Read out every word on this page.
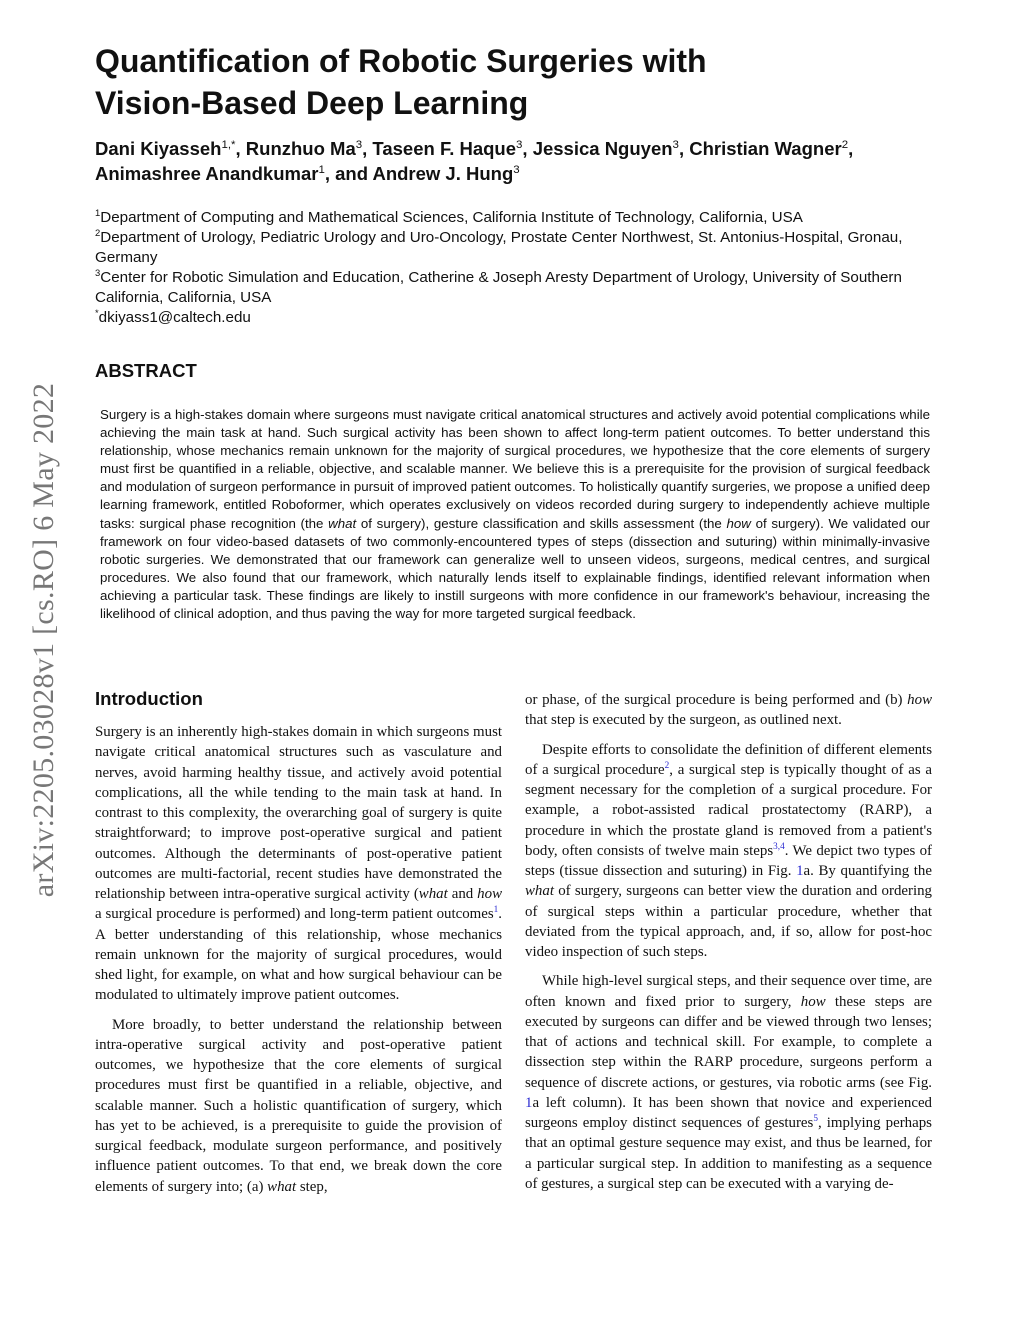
arXiv:2205.03028v1 [cs.RO] 6 May 2022
Quantification of Robotic Surgeries with
Vision-Based Deep Learning

Dani Kiyasseh$^{1,*}$, Runzhuo Ma$^3$, Taseen F. Haque$^3$, Jessica Nguyen$^3$, Christian Wagner$^2$,
Animashree Anandkumar$^1$, and Andrew J. Hung$^3$

$^1$Department of Computing and Mathematical Sciences, California Institute of Technology, California, USA
$^2$Department of Urology, Pediatric Urology and Uro-Oncology, Prostate Center Northwest, St. Antonius-Hospital, Gronau, Germany
$^3$Center for Robotic Simulation and Education, Catherine & Joseph Aresty Department of Urology, University of Southern California, California, USA
*dkiyass1@caltech.edu
ABSTRACT

Surgery is a high-stakes domain where surgeons must navigate critical anatomical structures and actively avoid potential complications while achieving the main task at hand. Such surgical activity has been shown to affect long-term patient outcomes. To better understand this relationship, whose mechanics remain unknown for the majority of surgical procedures, we hypothesize that the core elements of surgery must first be quantified in a reliable, objective, and scalable manner. We believe this is a prerequisite for the provision of surgical feedback and modulation of surgeon performance in pursuit of improved patient outcomes. To holistically quantify surgeries, we propose a unified deep learning framework, entitled Roboformer, which operates exclusively on videos recorded during surgery to independently achieve multiple tasks: surgical phase recognition (the what of surgery), gesture classification and skills assessment (the how of surgery). We validated our framework on four video-based datasets of two commonly-encountered types of steps (dissection and suturing) within minimally-invasive robotic surgeries. We demonstrated that our framework can generalize well to unseen videos, surgeons, medical centres, and surgical procedures. We also found that our framework, which naturally lends itself to explainable findings, identified relevant information when achieving a particular task. These findings are likely to instill surgeons with more confidence in our framework's behaviour, increasing the likelihood of clinical adoption, and thus paving the way for more targeted surgical feedback.

Introduction

Surgery is an inherently high-stakes domain in which surgeons must navigate critical anatomical structures such as vasculature and nerves, avoid harming healthy tissue, and actively avoid potential complications, all the while tending to the main task at hand. In contrast to this complexity, the overarching goal of surgery is quite straightforward; to improve post-operative surgical and patient outcomes. Although the determinants of post-operative patient outcomes are multi-factorial, recent studies have demonstrated the relationship between intra-operative surgical activity (what and how a surgical procedure is performed) and long-term patient outcomes$^1$. A better understanding of this relationship, whose mechanics remain unknown for the majority of surgical procedures, would shed light, for example, on what and how surgical behaviour can be modulated to ultimately improve patient outcomes.

More broadly, to better understand the relationship between intra-operative surgical activity and post-operative patient outcomes, we hypothesize that the core elements of surgical procedures must first be quantified in a reliable, objective, and scalable manner. Such a holistic quantification of surgery, which has yet to be achieved, is a prerequisite to guide the provision of surgical feedback, modulate surgeon performance, and positively influence patient outcomes. To that end, we break down the core elements of surgery into; (a) what step,

or phase, of the surgical procedure is being performed and (b) how that step is executed by the surgeon, as outlined next.

Despite efforts to consolidate the definition of different elements of a surgical procedure$^2$, a surgical step is typically thought of as a segment necessary for the completion of a surgical procedure. For example, a robot-assisted radical prostatectomy (RARP), a procedure in which the prostate gland is removed from a patient's body, often consists of twelve main steps$^{3,4}$. We depict two types of steps (tissue dissection and suturing) in Fig. 1a. By quantifying the what of surgery, surgeons can better view the duration and ordering of surgical steps within a particular procedure, whether that deviated from the typical approach, and, if so, allow for post-hoc video inspection of such steps.

While high-level surgical steps, and their sequence over time, are often known and fixed prior to surgery, how these steps are executed by surgeons can differ and be viewed through two lenses; that of actions and technical skill. For example, to complete a dissection step within the RARP procedure, surgeons perform a sequence of discrete actions, or gestures, via robotic arms (see Fig. 1a left column). It has been shown that novice and experienced surgeons employ distinct sequences of gestures$^5$, implying perhaps that an optimal gesture sequence may exist, and thus be learned, for a particular surgical step. In addition to manifesting as a sequence of gestures, a surgical step can be executed with a varying de-
